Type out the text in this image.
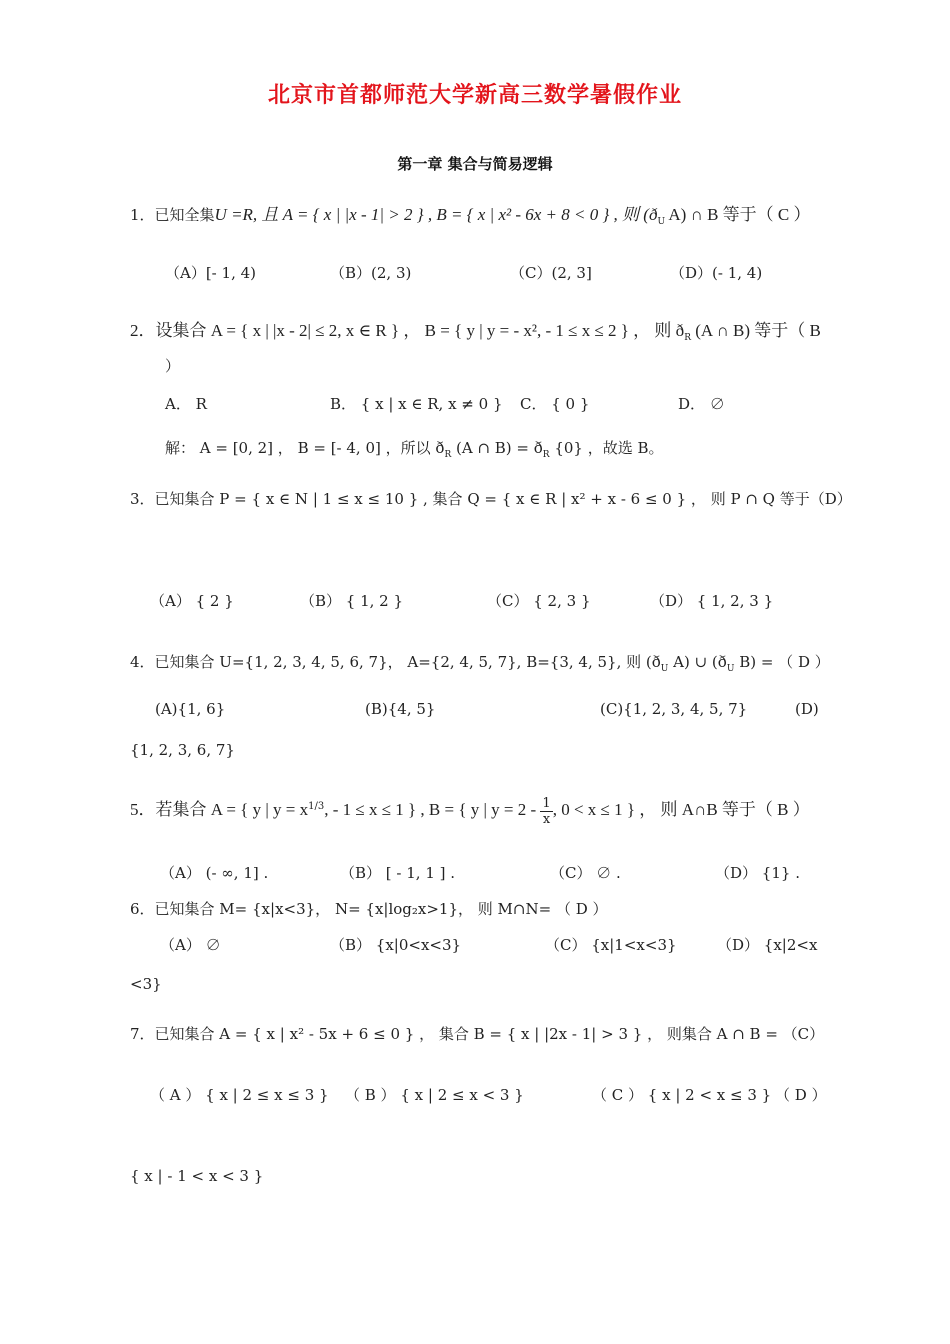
北京市首都师范大学新高三数学暑假作业
第一章 集合与简易逻辑
1．已知全集U =R, 且 A = { x | |x - 1| > 2 } , B = { x | x² - 6x + 8 < 0 } , 则 ($ð_U$ A) ∩ B 等于（ C ）
（A）[- 1, 4)	（B）(2, 3)	（C）(2, 3]	（D）(- 1, 4)
2．设集合 A = { x | |x - 2| ≤ 2, x ∈ R } ， B = { y | y = - x², - 1 ≤ x ≤ 2 } ， 则 $ð_R$ (A ∩ B) 等于（ B
）
A． R	B． { x | x ∈ R, x ≠ 0 } C． { 0 }	D． ∅
解： A = [0, 2] ， B = [- 4, 0] ，所以 $ð_R$ (A ∩ $B) = ð_R$ {0} ，故选 B。
3．已知集合 P = { x ∈ N | 1 ≤ x ≤ 10 } , 集合 Q = { x ∈ R | x² + x - 6 ≤ 0 } ， 则 P ∩ Q 等于（D）
（A） { 2 }	（B） { 1, 2 }	（C） { 2, 3 }	（D） { 1, 2, 3 }
4．已知集合 U={1, 2, 3, 4, 5, 6, 7}， A={2, 4, 5, 7}, B={3, 4, 5}, 则 ($ð_U$ A) ∪ ($ð_U$ B) = （ D ）
(A){1, 6}	(B){4, 5}	(C){1, 2, 3, 4, 5, 7}	(D)
{1, 2, 3, 6, 7}
5．若集合 A = { y | $y = x^{1/3}$, - 1 ≤ x ≤ 1 } , B = { y | $y = 2 - \frac{1}{x}$ , 0 < x ≤ 1 } ， 则 A∩B 等于（ B ）
（A） (- ∞, 1] .	（B） [ - 1, 1 ] .	（C） ∅ .	（D） {1} .
6．已知集合 M= {x|x<3}， N= {x|log₂x>1}， 则 M∩N= （ D ）
（A） ∅	（B） {x|0<x<3}	（C） {x|1<x<3}	（D） {x|2<x
<3}
7．已知集合 A = { x | x² - 5x + 6 ≤ 0 } ， 集合 B = { x | |2x - 1| > 3 } ， 则集合 A ∩ B = （C）
（ A ） { x | 2 ≤ x ≤ 3 } （ B ） { x | 2 ≤ x < 3 }	（ C ） { x | 2 < x ≤ 3 } （ D ）
{ x | - 1 < x < 3 }
